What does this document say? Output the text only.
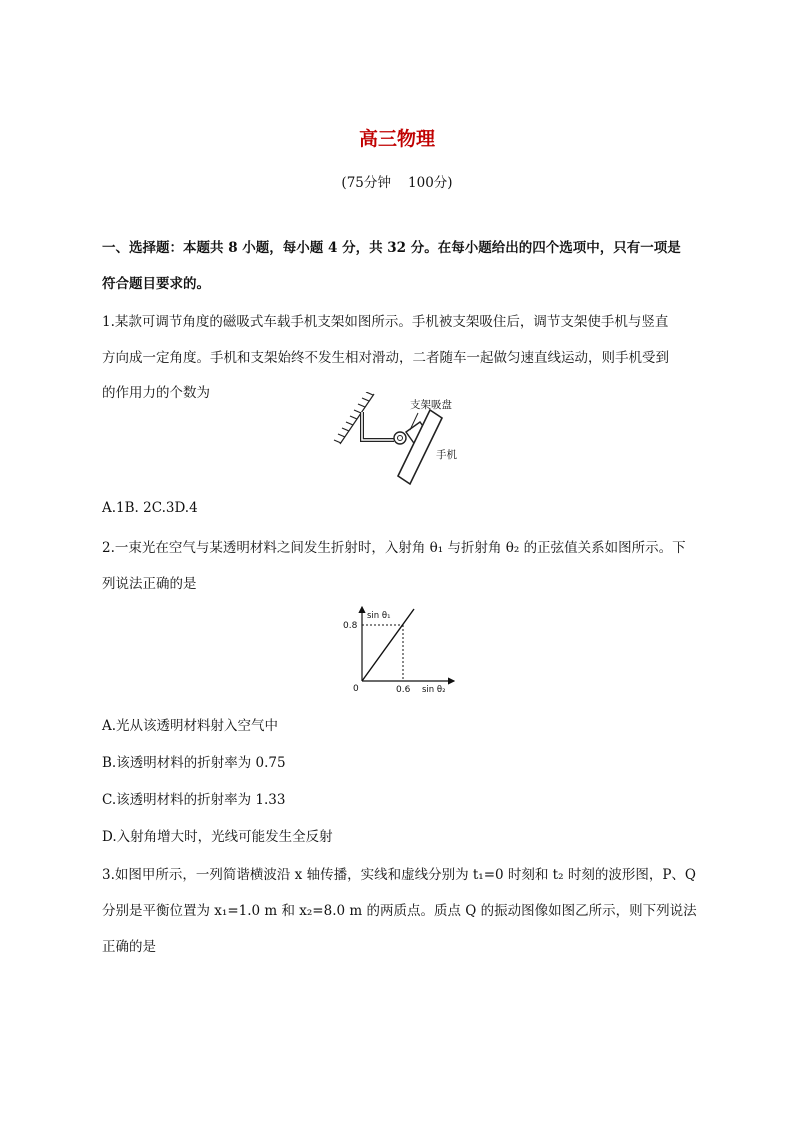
高三物理
(75分钟    100分)
一、选择题：本题共 8 小题，每小题 4 分，共 32 分。在每小题给出的四个选项中，只有一项是
符合题目要求的。
1.某款可调节角度的磁吸式车载手机支架如图所示。手机被支架吸住后，调节支架使手机与竖直
方向成一定角度。手机和支架始终不发生相对滑动，二者随车一起做匀速直线运动，则手机受到
的作用力的个数为
支架吸盘
手机
A.1B. 2C.3D.4
2.一束光在空气与某透明材料之间发生折射时，入射角 θ₁ 与折射角 θ₂ 的正弦值关系如图所示。下
列说法正确的是
sin θ₁
0.8
0	0.6 sin θ₂
A.光从该透明材料射入空气中
B.该透明材料的折射率为 0.75
C.该透明材料的折射率为 1.33
D.入射角增大时，光线可能发生全反射
3.如图甲所示，一列简谐横波沿 x 轴传播，实线和虚线分别为 t₁=0 时刻和 t₂ 时刻的波形图，P、Q
分别是平衡位置为 x₁=1.0 m 和 x₂=8.0 m 的两质点。质点 Q 的振动图像如图乙所示，则下列说法
正确的是
